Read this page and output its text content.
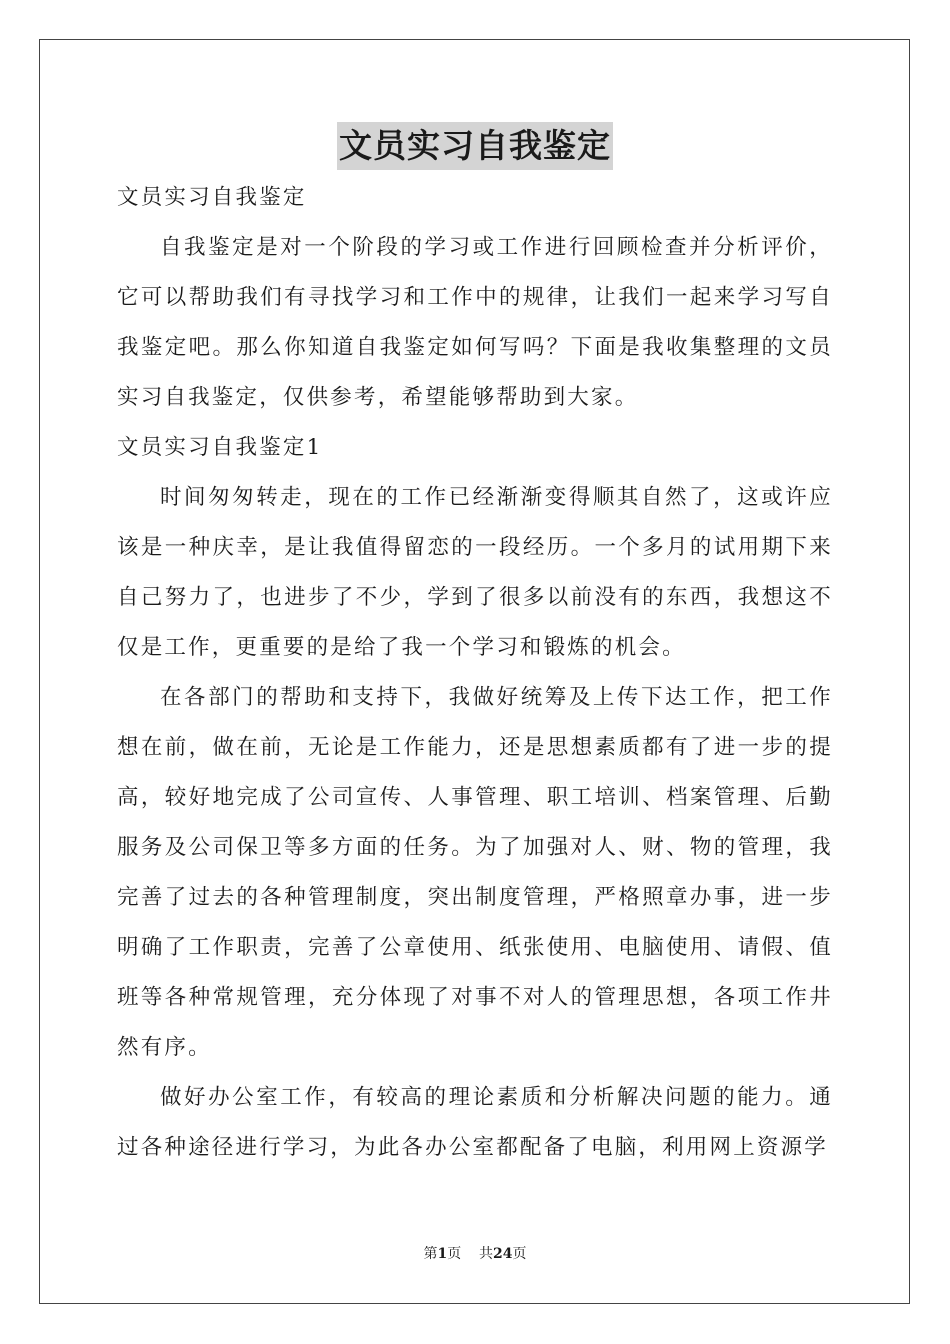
文员实习自我鉴定

文员实习自我鉴定

自我鉴定是对一个阶段的学习或工作进行回顾检查并分析评价，它可以帮助我们有寻找学习和工作中的规律，让我们一起来学习写自我鉴定吧。那么你知道自我鉴定如何写吗？下面是我收集整理的文员实习自我鉴定，仅供参考，希望能够帮助到大家。

文员实习自我鉴定1

时间匆匆转走，现在的工作已经渐渐变得顺其自然了，这或许应该是一种庆幸，是让我值得留恋的一段经历。一个多月的试用期下来自己努力了，也进步了不少，学到了很多以前没有的东西，我想这不仅是工作，更重要的是给了我一个学习和锻炼的机会。

在各部门的帮助和支持下，我做好统筹及上传下达工作，把工作想在前，做在前，无论是工作能力，还是思想素质都有了进一步的提高，较好地完成了公司宣传、人事管理、职工培训、档案管理、后勤服务及公司保卫等多方面的任务。为了加强对人、财、物的管理，我完善了过去的各种管理制度，突出制度管理，严格照章办事，进一步明确了工作职责，完善了公章使用、纸张使用、电脑使用、请假、值班等各种常规管理，充分体现了对事不对人的管理思想，各项工作井然有序。

做好办公室工作，有较高的理论素质和分析解决问题的能力。通过各种途径进行学习，为此各办公室都配备了电脑，利用网上资源学

第1页 共24页
